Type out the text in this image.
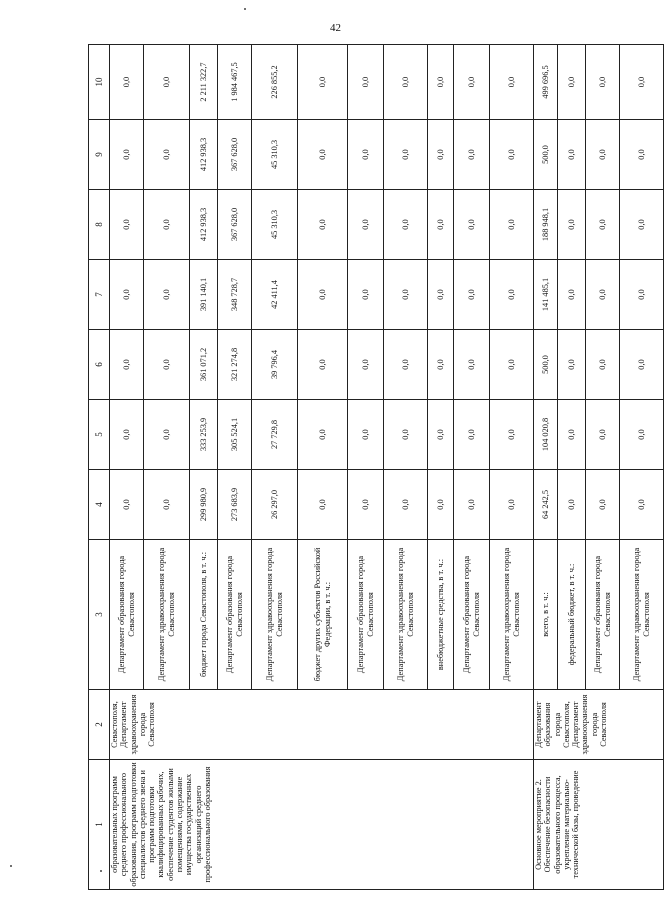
42
1	2	3	4	5	6	7	8	9	10
образовательных программ среднего профессионального образования, программ подготовки специалистов среднего звена и программ подготовки квалифицированных рабочих, обеспечение студентов жилыми помещениями, содержание имущества государственных организаций среднего профессионального образования	Севастополя, Департамент здравоохранения города Севастополя	Департамент образования города Севастополя	0,0	0,0	0,0	0,0	0,0	0,0	0,0
		Департамент здравоохранения города Севастополя	0,0	0,0	0,0	0,0	0,0	0,0	0,0
		бюджет города Севастополя, в т. ч.:	299 980,9	333 253,9	361 071,2	391 140,1	412 938,3	412 938,3	2 211 322,7
		Департамент образования города Севастополя	273 683,9	305 524,1	321 274,8	348 728,7	367 628,0	367 628,0	1 984 467,5
		Департамент здравоохранения города Севастополя	26 297,0	27 729,8	39 796,4	42 411,4	45 310,3	45 310,3	226 855,2
		бюджет других субъектов Российской Федерации, в т. ч.:	0,0	0,0	0,0	0,0	0,0	0,0	0,0
		Департамент образования города Севастополя	0,0	0,0	0,0	0,0	0,0	0,0	0,0
		Департамент здравоохранения города Севастополя	0,0	0,0	0,0	0,0	0,0	0,0	0,0
		внебюджетные средства, в т. ч.:	0,0	0,0	0,0	0,0	0,0	0,0	0,0
		Департамент образования города Севастополя	0,0	0,0	0,0	0,0	0,0	0,0	0,0
		Департамент здравоохранения города Севастополя	0,0	0,0	0,0	0,0	0,0	0,0	0,0
Основное мероприятие 2. Обеспечение безопасности образовательного процесса, укрепление материально-технической базы, проведение	Департамент образования города Севастополя, Департамент здравоохранения города Севастополя	всего, в т. ч.:	64 242,5	104 020,8	500,0	141 485,1	188 948,1	500,0	499 696,5
		федеральный бюджет, в т. ч.:	0,0	0,0	0,0	0,0	0,0	0,0	0,0
		Департамент образования города Севастополя	0,0	0,0	0,0	0,0	0,0	0,0	0,0
		Департамент здравоохранения города Севастополя	0,0	0,0	0,0	0,0	0,0	0,0	0,0
